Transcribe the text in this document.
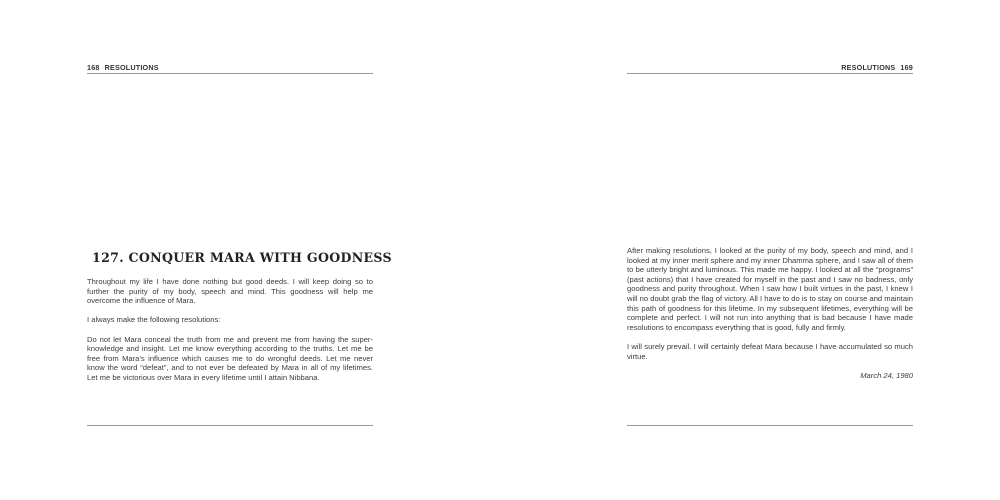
168 RESOLUTIONS
127. CONQUER MARA WITH GOODNESS

Throughout my life I have done nothing but good deeds. I will keep doing so to further the purity of my body, speech and mind. This goodness will help me overcome the influence of Mara.

I always make the following resolutions:

Do not let Mara conceal the truth from me and prevent me from having the super-knowledge and insight. Let me know everything according to the truths. Let me be free from Mara’s influence which causes me to do wrongful deeds. Let me never know the word “defeat”, and to not ever be defeated by Mara in all of my lifetimes. Let me be victorious over Mara in every lifetime until I attain Nibbana.

RESOLUTIONS 169

After making resolutions, I looked at the purity of my body, speech and mind, and I looked at my inner merit sphere and my inner Dhamma sphere, and I saw all of them to be utterly bright and luminous. This made me happy. I looked at all the “programs” (past actions) that I have created for myself in the past and I saw no badness, only goodness and purity throughout. When I saw how I built virtues in the past, I knew I will no doubt grab the flag of victory. All I have to do is to stay on course and maintain this path of goodness for this lifetime. In my subsequent lifetimes, everything will be complete and perfect. I will not run into anything that is bad because I have made resolutions to encompass everything that is good, fully and firmly.

I will surely prevail. I will certainly defeat Mara because I have accumulated so much virtue.

March 24, 1980
